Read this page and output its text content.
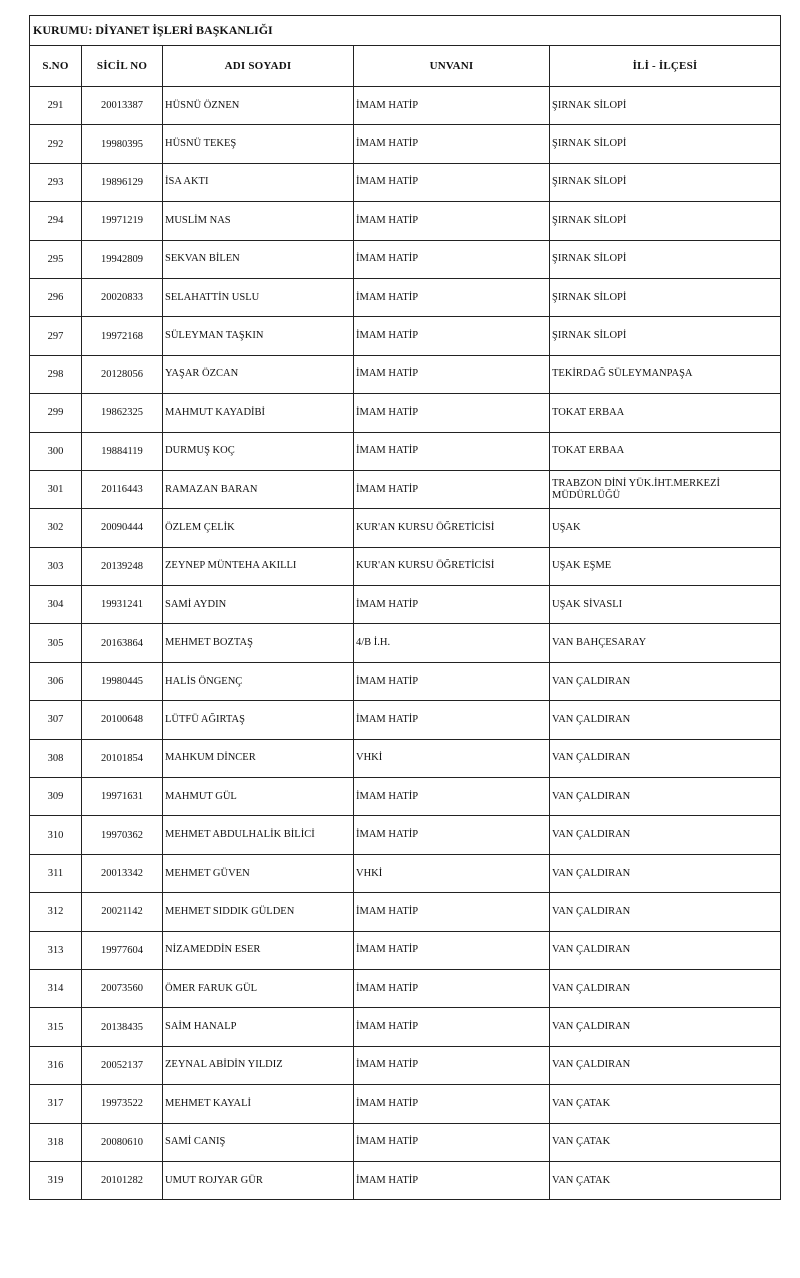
KURUMU: DİYANET İŞLERİ BAŞKANLIĞI				
S.NO	SİCİL NO	ADI SOYADI	UNVANI	İLİ - İLÇESİ
291	20013387	HÜSNÜ ÖZNEN	İMAM HATİP	ŞIRNAK SİLOPİ
292	19980395	HÜSNÜ TEKEŞ	İMAM HATİP	ŞIRNAK SİLOPİ
293	19896129	İSA AKTI	İMAM HATİP	ŞIRNAK SİLOPİ
294	19971219	MUSLİM NAS	İMAM HATİP	ŞIRNAK SİLOPİ
295	19942809	SEKVAN BİLEN	İMAM HATİP	ŞIRNAK SİLOPİ
296	20020833	SELAHATTİN USLU	İMAM HATİP	ŞIRNAK SİLOPİ
297	19972168	SÜLEYMAN TAŞKIN	İMAM HATİP	ŞIRNAK SİLOPİ
298	20128056	YAŞAR ÖZCAN	İMAM HATİP	TEKİRDAĞ SÜLEYMANPAŞA
299	19862325	MAHMUT KAYADİBİ	İMAM HATİP	TOKAT ERBAA
300	19884119	DURMUŞ KOÇ	İMAM HATİP	TOKAT ERBAA
301	20116443	RAMAZAN BARAN	İMAM HATİP	TRABZON DİNİ YÜK.İHT.MERKEZİ MÜDÜRLÜĞÜ
302	20090444	ÖZLEM ÇELİK	KUR'AN KURSU ÖĞRETİCİSİ	UŞAK
303	20139248	ZEYNEP MÜNTEHA AKILLI	KUR'AN KURSU ÖĞRETİCİSİ	UŞAK EŞME
304	19931241	SAMİ AYDIN	İMAM HATİP	UŞAK SİVASLI
305	20163864	MEHMET BOZTAŞ	4/B İ.H.	VAN BAHÇESARAY
306	19980445	HALİS ÖNGENÇ	İMAM HATİP	VAN ÇALDIRAN
307	20100648	LÜTFÜ AĞIRTAŞ	İMAM HATİP	VAN ÇALDIRAN
308	20101854	MAHKUM DİNCER	VHKİ	VAN ÇALDIRAN
309	19971631	MAHMUT GÜL	İMAM HATİP	VAN ÇALDIRAN
310	19970362	MEHMET ABDULHALİK BİLİCİ	İMAM HATİP	VAN ÇALDIRAN
311	20013342	MEHMET GÜVEN	VHKİ	VAN ÇALDIRAN
312	20021142	MEHMET SIDDIK GÜLDEN	İMAM HATİP	VAN ÇALDIRAN
313	19977604	NİZAMEDDİN ESER	İMAM HATİP	VAN ÇALDIRAN
314	20073560	ÖMER FARUK GÜL	İMAM HATİP	VAN ÇALDIRAN
315	20138435	SAİM HANALP	İMAM HATİP	VAN ÇALDIRAN
316	20052137	ZEYNAL ABİDİN YILDIZ	İMAM HATİP	VAN ÇALDIRAN
317	19973522	MEHMET KAYALİ	İMAM HATİP	VAN ÇATAK
318	20080610	SAMİ CANIŞ	İMAM HATİP	VAN ÇATAK
319	20101282	UMUT ROJYAR GÜR	İMAM HATİP	VAN ÇATAK
